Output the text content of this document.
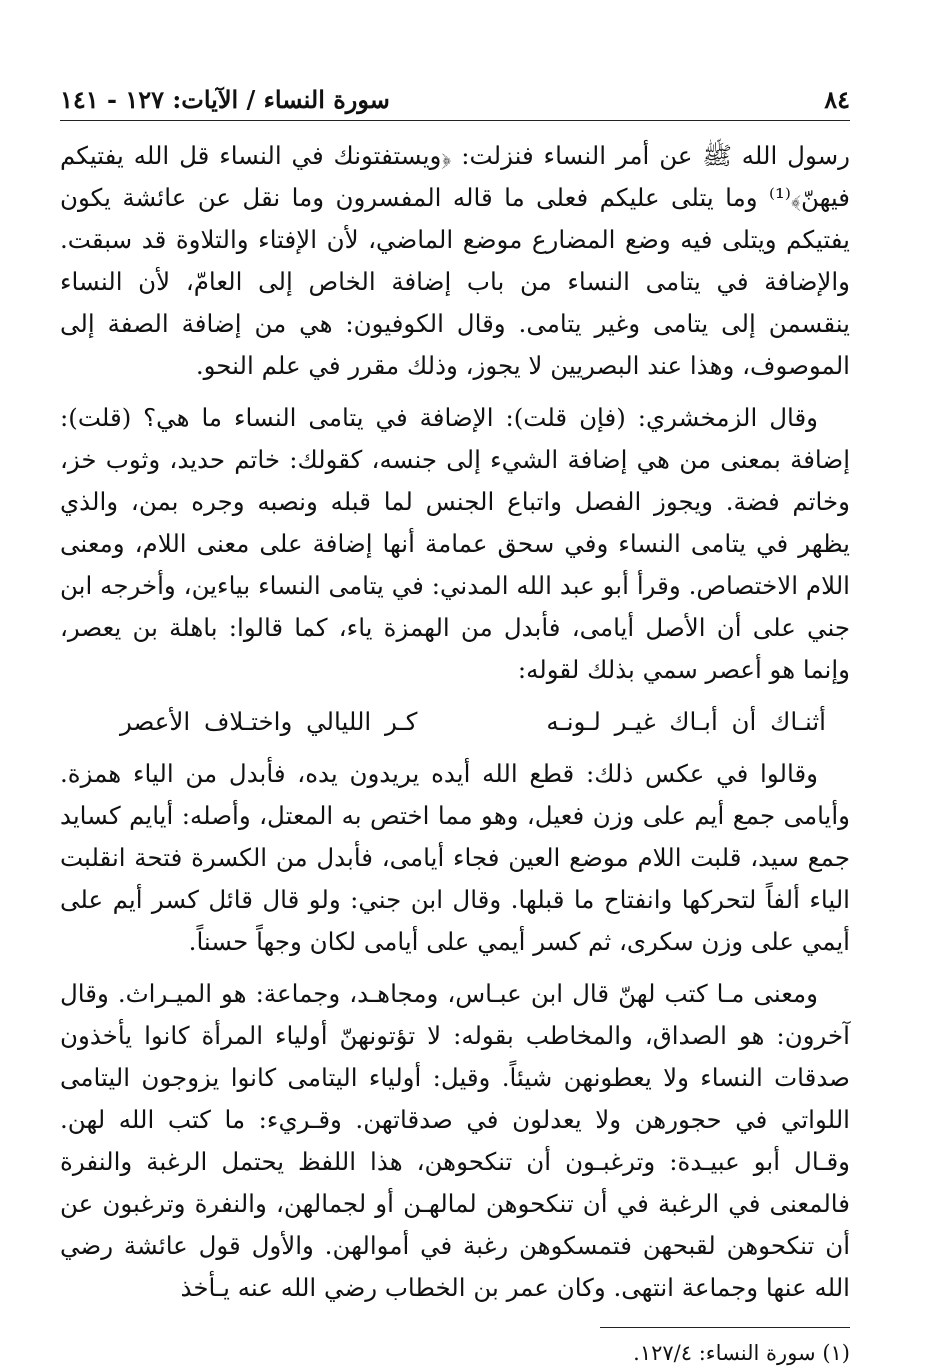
٨٤
سورة النساء / الآيات: ١٢٧ - ١٤١

رسول الله ﷺ عن أمر النساء فنزلت: ﴿ويستفتونك في النساء قل الله يفتيكم فيهنّ﴾⁽¹⁾ وما يتلى عليكم فعلى ما قاله المفسرون وما نقل عن عائشة يكون يفتيكم ويتلى فيه وضع المضارع موضع الماضي، لأن الإفتاء والتلاوة قد سبقت. والإضافة في يتامى النساء من باب إضافة الخاص إلى العامّ، لأن النساء ينقسمن إلى يتامى وغير يتامى. وقال الكوفيون: هي من إضافة الصفة إلى الموصوف، وهذا عند البصريين لا يجوز، وذلك مقرر في علم النحو.

وقال الزمخشري: (فإن قلت): الإضافة في يتامى النساء ما هي؟ (قلت): إضافة بمعنى من هي إضافة الشيء إلى جنسه، كقولك: خاتم حديد، وثوب خز، وخاتم فضة. ويجوز الفصل واتباع الجنس لما قبله ونصبه وجره بمن، والذي يظهر في يتامى النساء وفي سحق عمامة أنها إضافة على معنى اللام، ومعنى اللام الاختصاص. وقرأ أبو عبد الله المدني: في يتامى النساء بياءين، وأخرجه ابن جني على أن الأصل أيامى، فأبدل من الهمزة ياء، كما قالوا: باهلة بن يعصر، وإنما هو أعصر سمي بذلك لقوله:

أثنـاك أن أبـاك غيـر لـونـه
كـر الليالي واختـلاف الأعصر

وقالوا في عكس ذلك: قطع الله أيده يريدون يده، فأبدل من الياء همزة. وأيامى جمع أيم على وزن فعيل، وهو مما اختص به المعتل، وأصله: أيايم كسايد جمع سيد، قلبت اللام موضع العين فجاء أيامى، فأبدل من الكسرة فتحة انقلبت الياء ألفاً لتحركها وانفتاح ما قبلها. وقال ابن جني: ولو قال قائل كسر أيم على أيمي على وزن سكرى، ثم كسر أيمي على أيامى لكان وجهاً حسناً.

ومعنى مـا كتب لهنّ قال ابن عبـاس، ومجاهـد، وجماعة: هو الميـراث. وقال آخرون: هو الصداق، والمخاطب بقوله: لا تؤتونهنّ أولياء المرأة كانوا يأخذون صدقات النساء ولا يعطونهن شيئاً. وقيل: أولياء اليتامى كانوا يزوجون اليتامى اللواتي في حجورهن ولا يعدلون في صدقاتهن. وقـريء: ما كتب الله لهن. وقـال أبو عبيـدة: وترغبـون أن تنكحوهن، هذا اللفظ يحتمل الرغبة والنفرة فالمعنى في الرغبة في أن تنكحوهن لمالهـن أو لجمالهن، والنفرة وترغبون عن أن تنكحوهن لقبحهن فتمسكوهن رغبة في أموالهن. والأول قول عائشة رضي الله عنها وجماعة انتهى. وكان عمر بن الخطاب رضي الله عنه يـأخذ

(١) سورة النساء: ١٢٧/٤.
